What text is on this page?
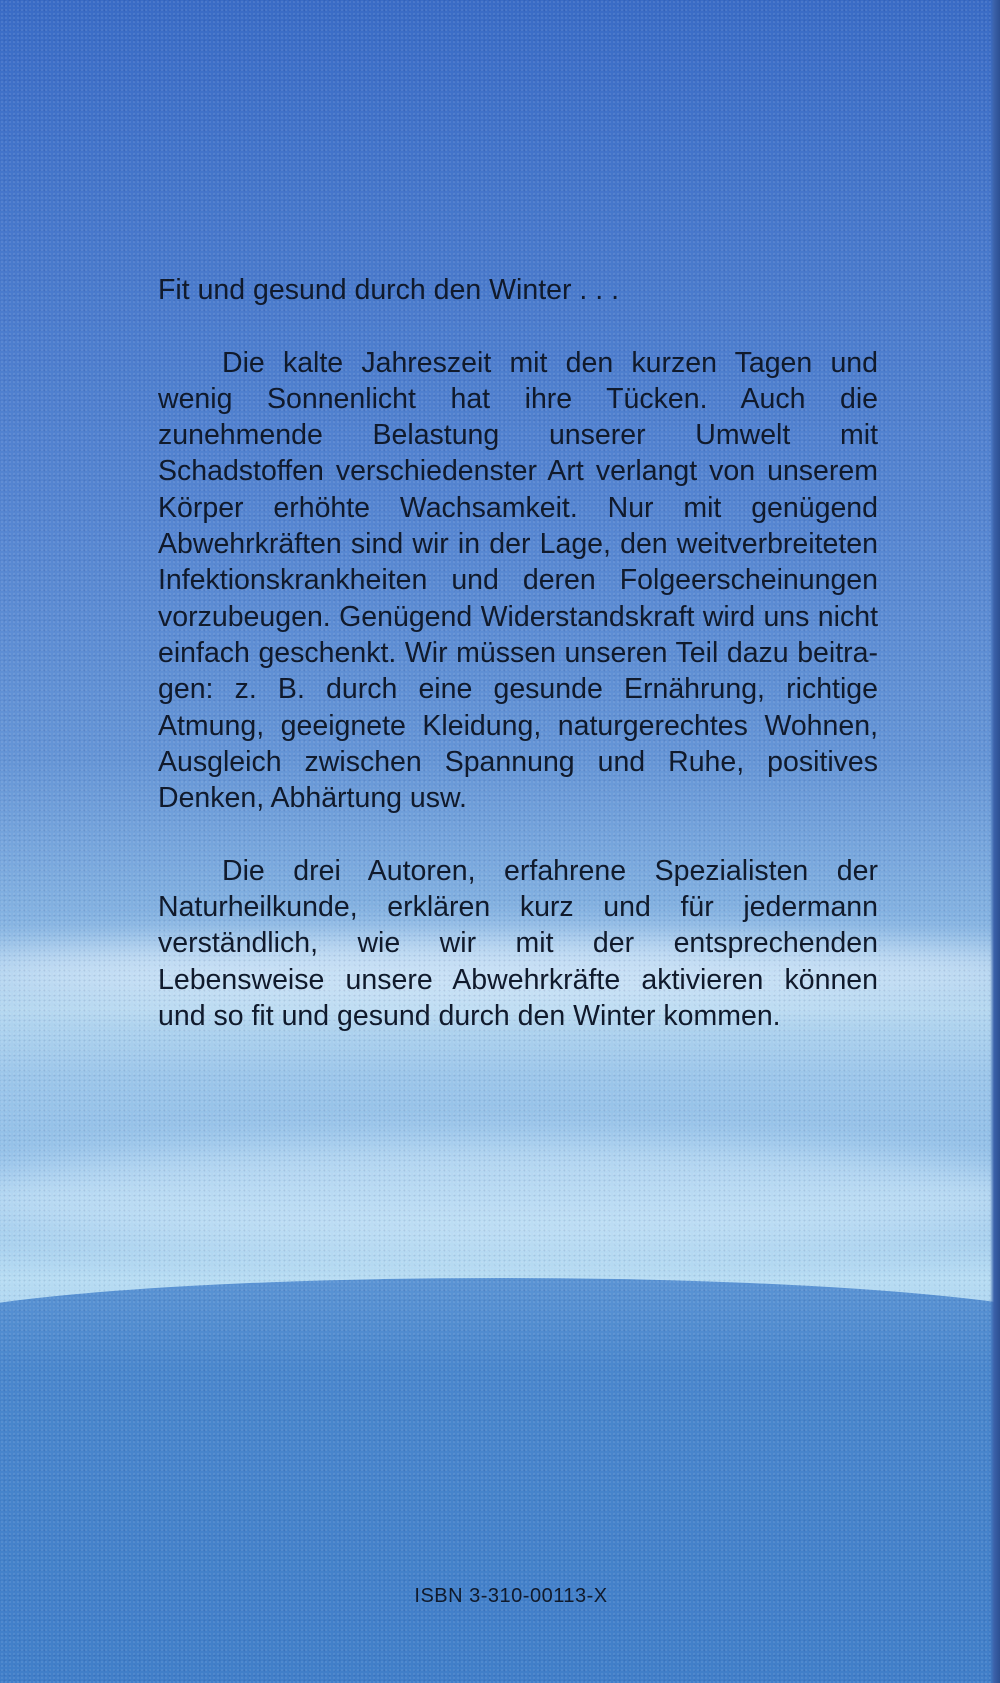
Fit und gesund durch den Winter . . .

Die kalte Jahreszeit mit den kurzen Tagen und wenig Sonnenlicht hat ihre Tücken. Auch die zunehmende Belastung unserer Umwelt mit Schadstoffen verschiedenster Art verlangt von unserem Körper erhöhte Wachsamkeit. Nur mit genügend Abwehrkräften sind wir in der Lage, den weitverbreiteten Infektionskrankheiten und deren Folgeerscheinungen vorzubeugen. Genügend Widerstandskraft wird uns nicht einfach geschenkt. Wir müssen unseren Teil dazu beitragen: z. B. durch eine gesunde Ernährung, richtige Atmung, geeignete Kleidung, naturgerechtes Wohnen, Ausgleich zwischen Spannung und Ruhe, positives Denken, Abhärtung usw.

Die drei Autoren, erfahrene Spezialisten der Naturheilkunde, erklären kurz und für jedermann verständlich, wie wir mit der entsprechenden Lebensweise unsere Abwehrkräfte aktivieren können und so fit und gesund durch den Winter kommen.

ISBN 3-310-00113-X
